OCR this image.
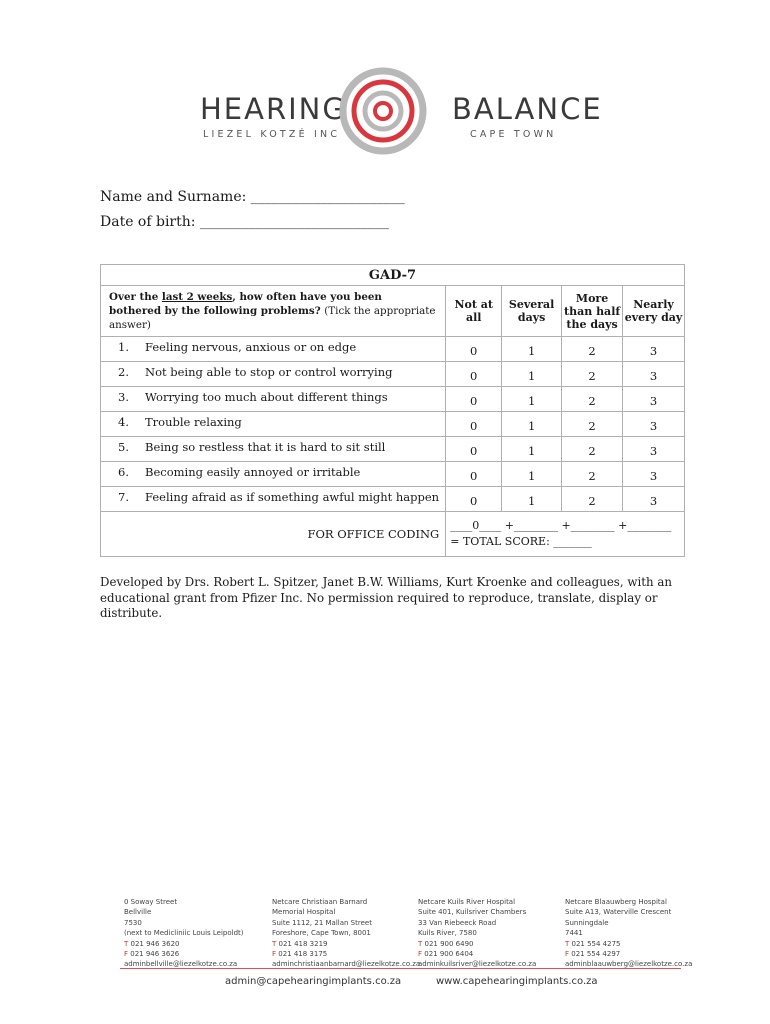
HEARING	BALANCE
LIEZEL KOTZÉ INC	CAPE TOWN
Name and Surname: ______________________
Date of birth: ___________________________
GAD-7				
Over the last 2 weeks, how often have you been bothered by the following problems? (Tick the appropriate answer)	Not at all	Several days	More than half the days	Nearly every day
1. Feeling nervous, anxious or on edge	0	1	2	3
2. Not being able to stop or control worrying	0	1	2	3
3. Worrying too much about different things	0	1	2	3
4. Trouble relaxing	0	1	2	3
5. Being so restless that it is hard to sit still	0	1	2	3
6. Becoming easily annoyed or irritable	0	1	2	3
7. Feeling afraid as if something awful might happen	0	1	2	3
FOR OFFICE CODING	____0____ +________ +________ +________
= TOTAL SCORE: _______			
Developed by Drs. Robert L. Spitzer, Janet B.W. Williams, Kurt Kroenke and colleagues, with an educational grant from Pfizer Inc. No permission required to reproduce, translate, display or distribute.
0 Soway Street
Bellville
7530
(next to Medicliniic Louis Leipoldt)
T 021 946 3620
F 021 946 3626
adminbellville@liezelkotze.co.za
Netcare Christiaan Barnard
Memorial Hospital
Suite 1112, 21 Mallan Street
Foreshore, Cape Town, 8001
T 021 418 3219
F 021 418 3175
adminchristiaanbarnard@liezelkotze.co.za
Netcare Kuils River Hospital
Suite 401, Kuilsriver Chambers
33 Van Riebeeck Road
Kuils River, 7580
T 021 900 6490
F 021 900 6404
adminkuilsriver@liezelkotze.co.za
Netcare Blaauwberg Hospital
Suite A13, Waterville Crescent
Sunningdale
7441
T 021 554 4275
F 021 554 4297
adminblaauwberg@liezelkotze.co.za
admin@capehearingimplants.co.za	www.capehearingimplants.co.za
